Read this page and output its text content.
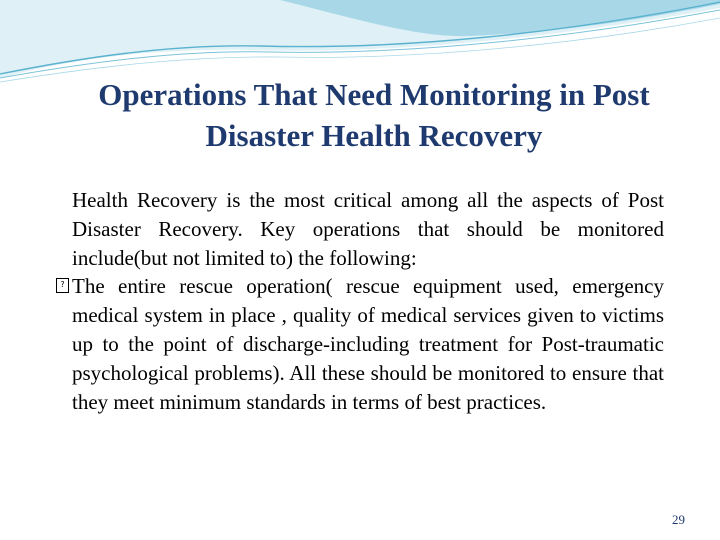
Operations That Need Monitoring in Post
Disaster Health Recovery

Health Recovery is the most critical among all the aspects of Post Disaster Recovery. Key operations that should be monitored include(but not limited to) the following:

? The entire rescue operation( rescue equipment used, emergency medical system in place , quality of medical services given to victims up to the point of discharge-including treatment for Post-traumatic psychological problems). All these should be monitored to ensure that they meet minimum standards in terms of best practices.

29
